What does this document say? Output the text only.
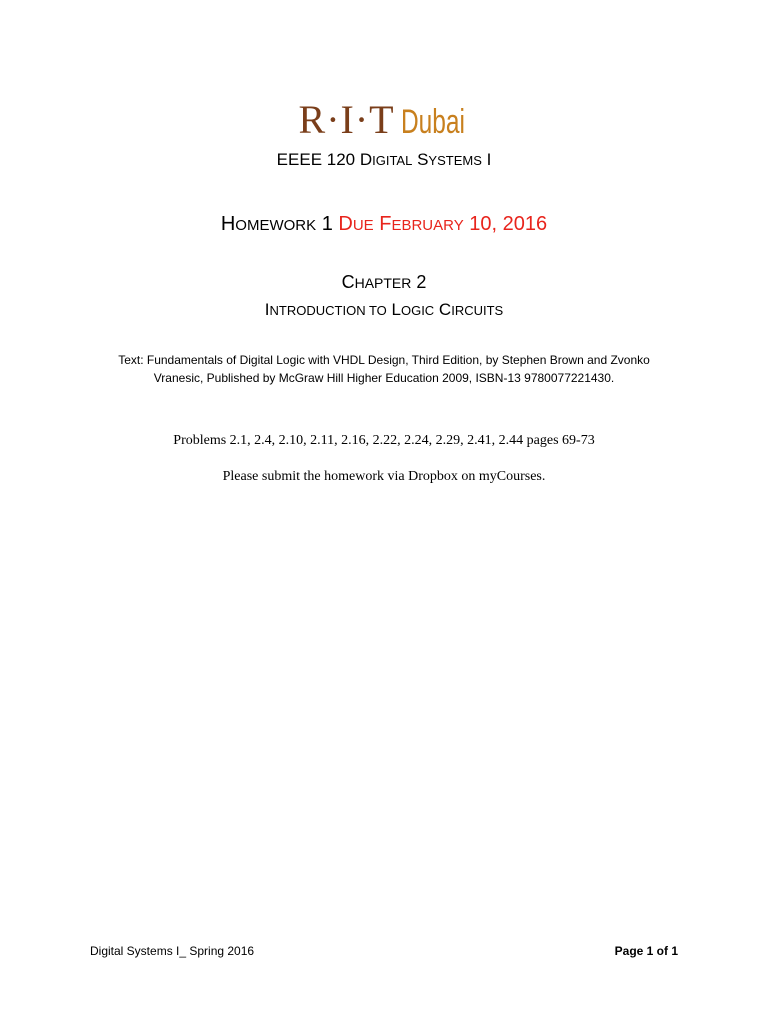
R·I·T Dubai
EEEE 120 DIGITAL SYSTEMS I
HOMEWORK 1 DUE FEBRUARY 10, 2016
CHAPTER 2
INTRODUCTION TO LOGIC CIRCUITS
Text: Fundamentals of Digital Logic with VHDL Design, Third Edition, by Stephen Brown and Zvonko Vranesic, Published by McGraw Hill Higher Education 2009, ISBN-13 9780077221430.
Problems 2.1, 2.4, 2.10, 2.11, 2.16, 2.22, 2.24, 2.29, 2.41, 2.44 pages 69-73
Please submit the homework via Dropbox on myCourses.
Digital Systems I_ Spring 2016	Page 1 of 1
